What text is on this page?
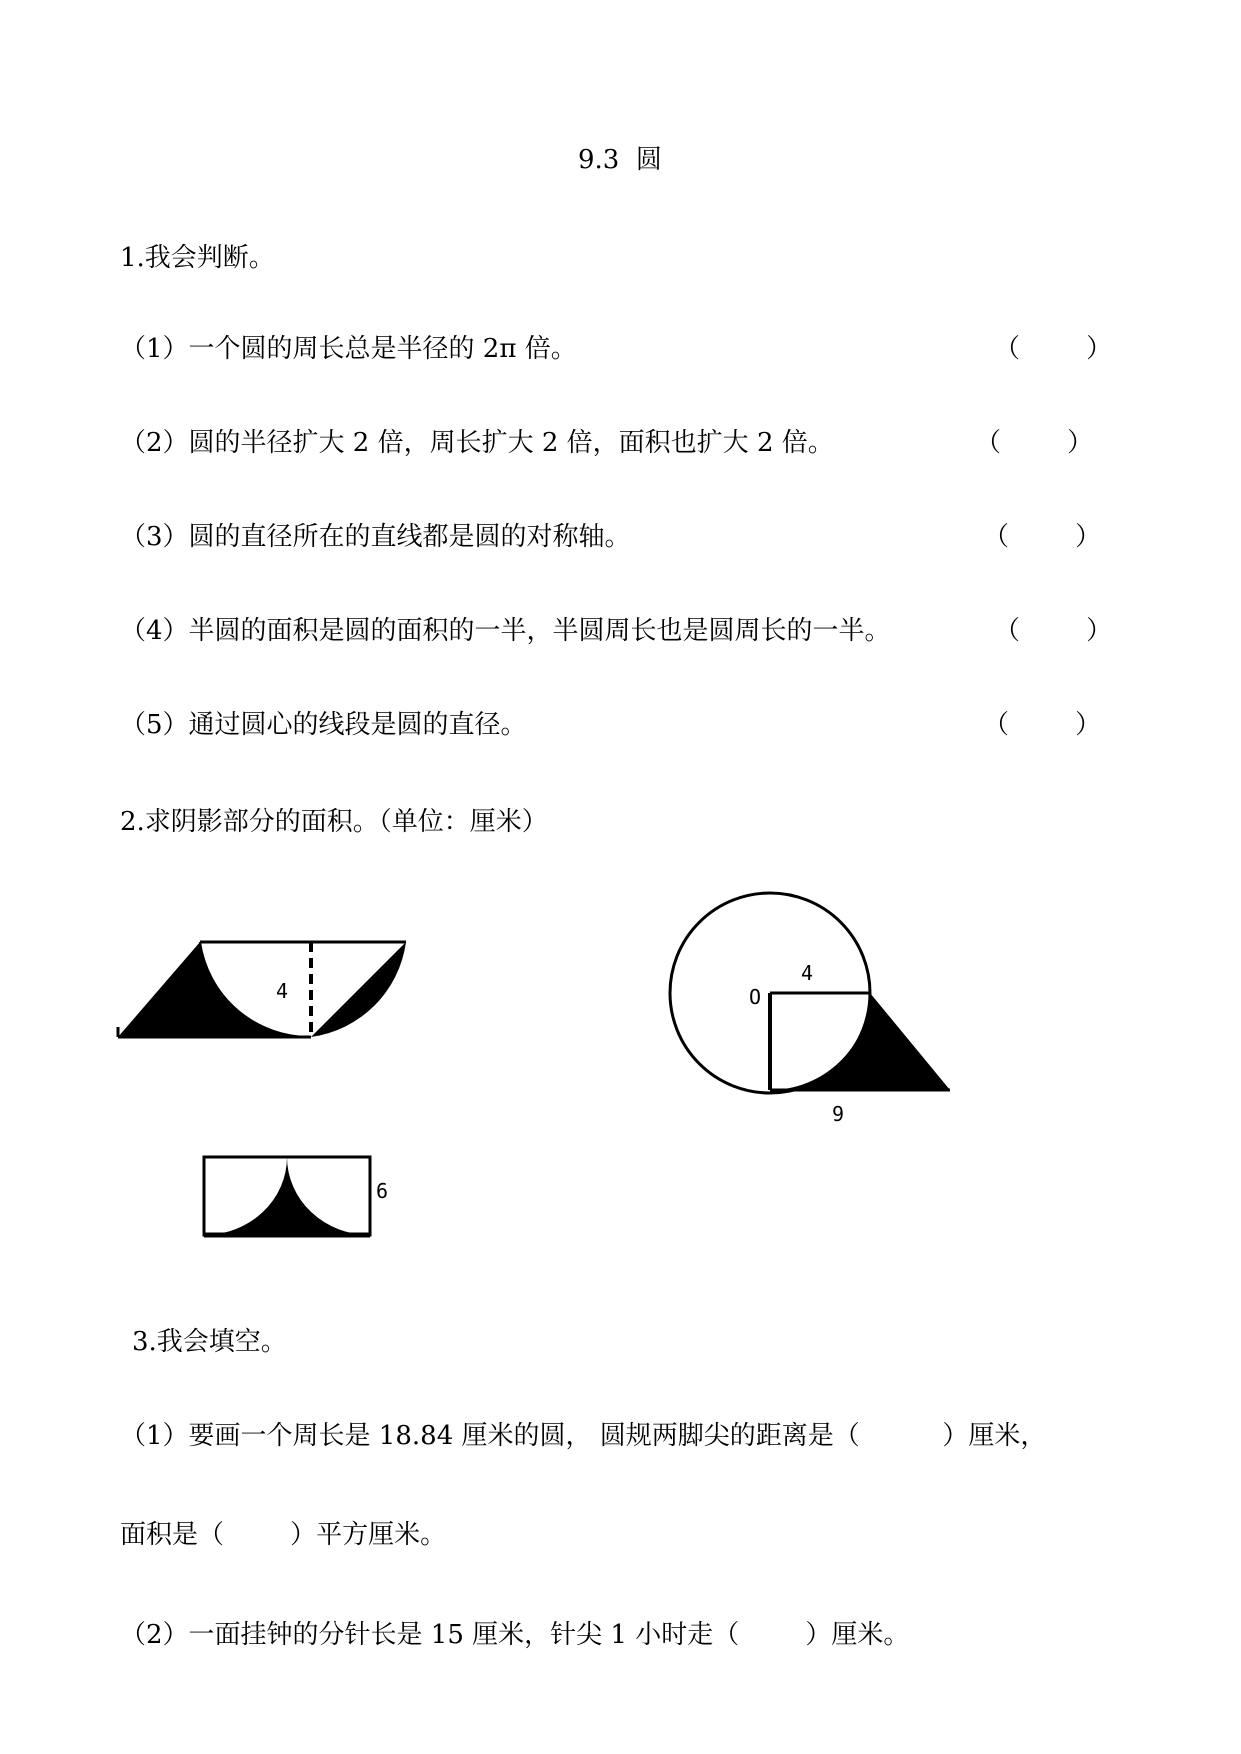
9.3  圆
1.我会判断。
（1）一个圆的周长总是半径的 2π 倍。	（        ）
（2）圆的半径扩大 2 倍，周长扩大 2 倍，面积也扩大 2 倍。	（        ）
（3）圆的直径所在的直线都是圆的对称轴。	（        ）
（4）半圆的面积是圆的面积的一半，半圆周长也是圆周长的一半。	（        ）
（5）通过圆心的线段是圆的直径。	（        ）
2.求阴影部分的面积。（单位：厘米）
4	O
4
9
6
3.我会填空。
（1）要画一个周长是 18.84 厘米的圆， 圆规两脚尖的距离是（          ）厘米，
面积是（        ）平方厘米。
（2）一面挂钟的分针长是 15 厘米，针尖 1 小时走（        ）厘米。
